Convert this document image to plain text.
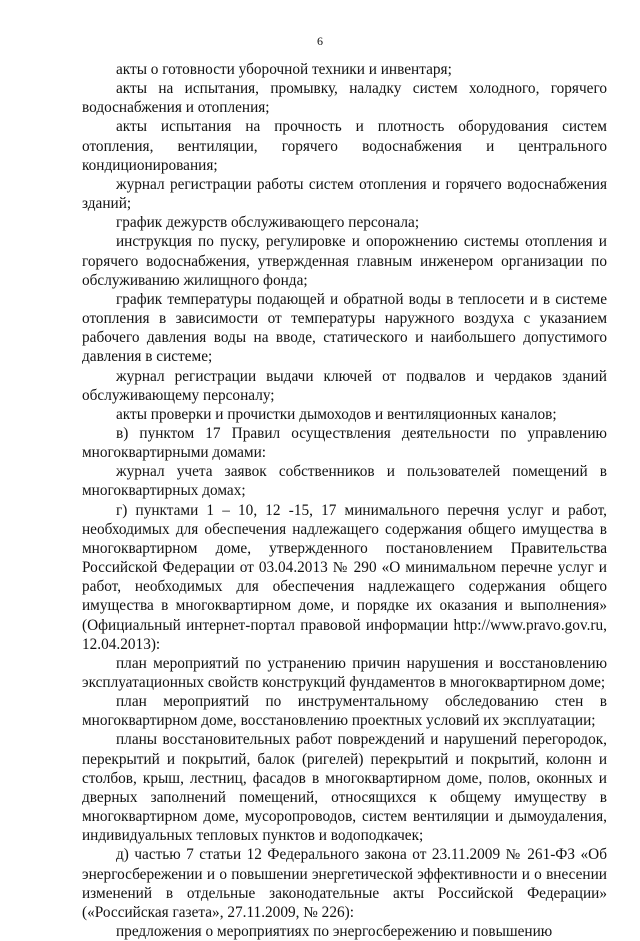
6

акты о готовности уборочной техники и инвентаря;

акты на испытания, промывку, наладку систем холодного, горячего водоснабжения и отопления;

акты испытания на прочность и плотность оборудования систем отопления, вентиляции, горячего водоснабжения и центрального кондиционирования;

журнал регистрации работы систем отопления и горячего водоснабжения зданий;

график дежурств обслуживающего персонала;

инструкция по пуску, регулировке и опорожнению системы отопления и горячего водоснабжения, утвержденная главным инженером организации по обслуживанию жилищного фонда;

график температуры подающей и обратной воды в теплосети и в системе отопления в зависимости от температуры наружного воздуха с указанием рабочего давления воды на вводе, статического и наибольшего допустимого давления в системе;

журнал регистрации выдачи ключей от подвалов и чердаков зданий обслуживающему персоналу;

акты проверки и прочистки дымоходов и вентиляционных каналов;

в) пунктом 17 Правил осуществления деятельности по управлению многоквартирными домами:

журнал учета заявок собственников и пользователей помещений в многоквартирных домах;

г) пунктами 1 – 10, 12 -15, 17 минимального перечня услуг и работ, необходимых для обеспечения надлежащего содержания общего имущества в многоквартирном доме, утвержденного постановлением Правительства Российской Федерации от 03.04.2013 № 290 «О минимальном перечне услуг и работ, необходимых для обеспечения надлежащего содержания общего имущества в многоквартирном доме, и порядке их оказания и выполнения» (Официальный интернет-портал правовой информации http://www.pravo.gov.ru, 12.04.2013):

план мероприятий по устранению причин нарушения и восстановлению эксплуатационных свойств конструкций фундаментов в многоквартирном доме;

план мероприятий по инструментальному обследованию стен в многоквартирном доме, восстановлению проектных условий их эксплуатации;

планы восстановительных работ повреждений и нарушений перегородок, перекрытий и покрытий, балок (ригелей) перекрытий и покрытий, колонн и столбов, крыш, лестниц, фасадов в многоквартирном доме, полов, оконных и дверных заполнений помещений, относящихся к общему имуществу в многоквартирном доме, мусоропроводов, систем вентиляции и дымоудаления, индивидуальных тепловых пунктов и водоподкачек;

д) частью 7 статьи 12 Федерального закона от 23.11.2009 № 261-ФЗ «Об энергосбережении и о повышении энергетической эффективности и о внесении изменений в отдельные законодательные акты Российской Федерации» («Российская газета», 27.11.2009, № 226):

предложения о мероприятиях по энергосбережению и повышению
